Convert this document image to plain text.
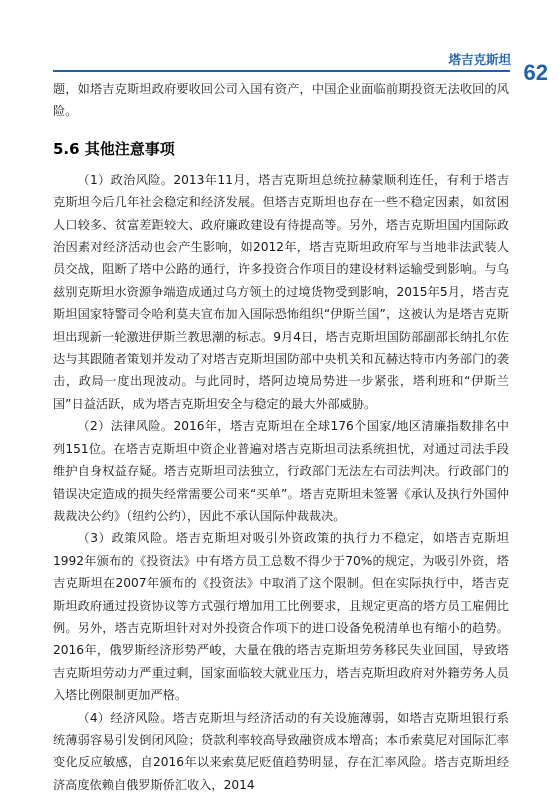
塔吉克斯坦
62

题，如塔吉克斯坦政府要收回公司入国有资产，中国企业面临前期投资无法收回的风险。

5.6 其他注意事项

（1）政治风险。2013年11月，塔吉克斯坦总统拉赫蒙顺利连任，有利于塔吉克斯坦今后几年社会稳定和经济发展。但塔吉克斯坦也存在一些不稳定因素，如贫困人口较多、贫富差距较大、政府廉政建设有待提高等。另外，塔吉克斯坦国内国际政治因素对经济活动也会产生影响，如2012年，塔吉克斯坦政府军与当地非法武装人员交战，阻断了塔中公路的通行，许多投资合作项目的建设材料运输受到影响。与乌兹别克斯坦水资源争端造成通过乌方领土的过境货物受到影响，2015年5月，塔吉克斯坦国家特警司令哈利莫夫宣布加入国际恐怖组织“伊斯兰国”，这被认为是塔吉克斯坦出现新一轮激进伊斯兰教思潮的标志。9月4日，塔吉克斯坦国防部副部长纳扎尔佐达与其跟随者策划并发动了对塔吉克斯坦国防部中央机关和瓦赫达特市内务部门的袭击，政局一度出现波动。与此同时，塔阿边境局势进一步紧张，塔利班和“伊斯兰国”日益活跃，成为塔吉克斯坦安全与稳定的最大外部威胁。

（2）法律风险。2016年，塔吉克斯坦在全球176个国家/地区清廉指数排名中列151位。在塔吉克斯坦中资企业普遍对塔吉克斯坦司法系统担忧，对通过司法手段维护自身权益存疑。塔吉克斯坦司法独立，行政部门无法左右司法判决。行政部门的错误决定造成的损失经常需要公司来“买单”。塔吉克斯坦未签署《承认及执行外国仲裁裁决公约》（纽约公约），因此不承认国际仲裁裁决。

（3）政策风险。塔吉克斯坦对吸引外资政策的执行力不稳定，如塔吉克斯坦1992年颁布的《投资法》中有塔方员工总数不得少于70%的规定，为吸引外资，塔吉克斯坦在2007年颁布的《投资法》中取消了这个限制。但在实际执行中，塔吉克斯坦政府通过投资协议等方式强行增加用工比例要求，且规定更高的塔方员工雇佣比例。另外，塔吉克斯坦针对对外投资合作项下的进口设备免税清单也有缩小的趋势。2016年，俄罗斯经济形势严峻，大量在俄的塔吉克斯坦劳务移民失业回国，导致塔吉克斯坦劳动力严重过剩，国家面临较大就业压力，塔吉克斯坦政府对外籍劳务人员入塔比例限制更加严格。

（4）经济风险。塔吉克斯坦与经济活动的有关设施薄弱，如塔吉克斯坦银行系统薄弱容易引发倒闭风险；贷款利率较高导致融资成本增高；本币索莫尼对国际汇率变化反应敏感，自2016年以来索莫尼贬值趋势明显，存在汇率风险。塔吉克斯坦经济高度依赖自俄罗斯侨汇收入，2014
